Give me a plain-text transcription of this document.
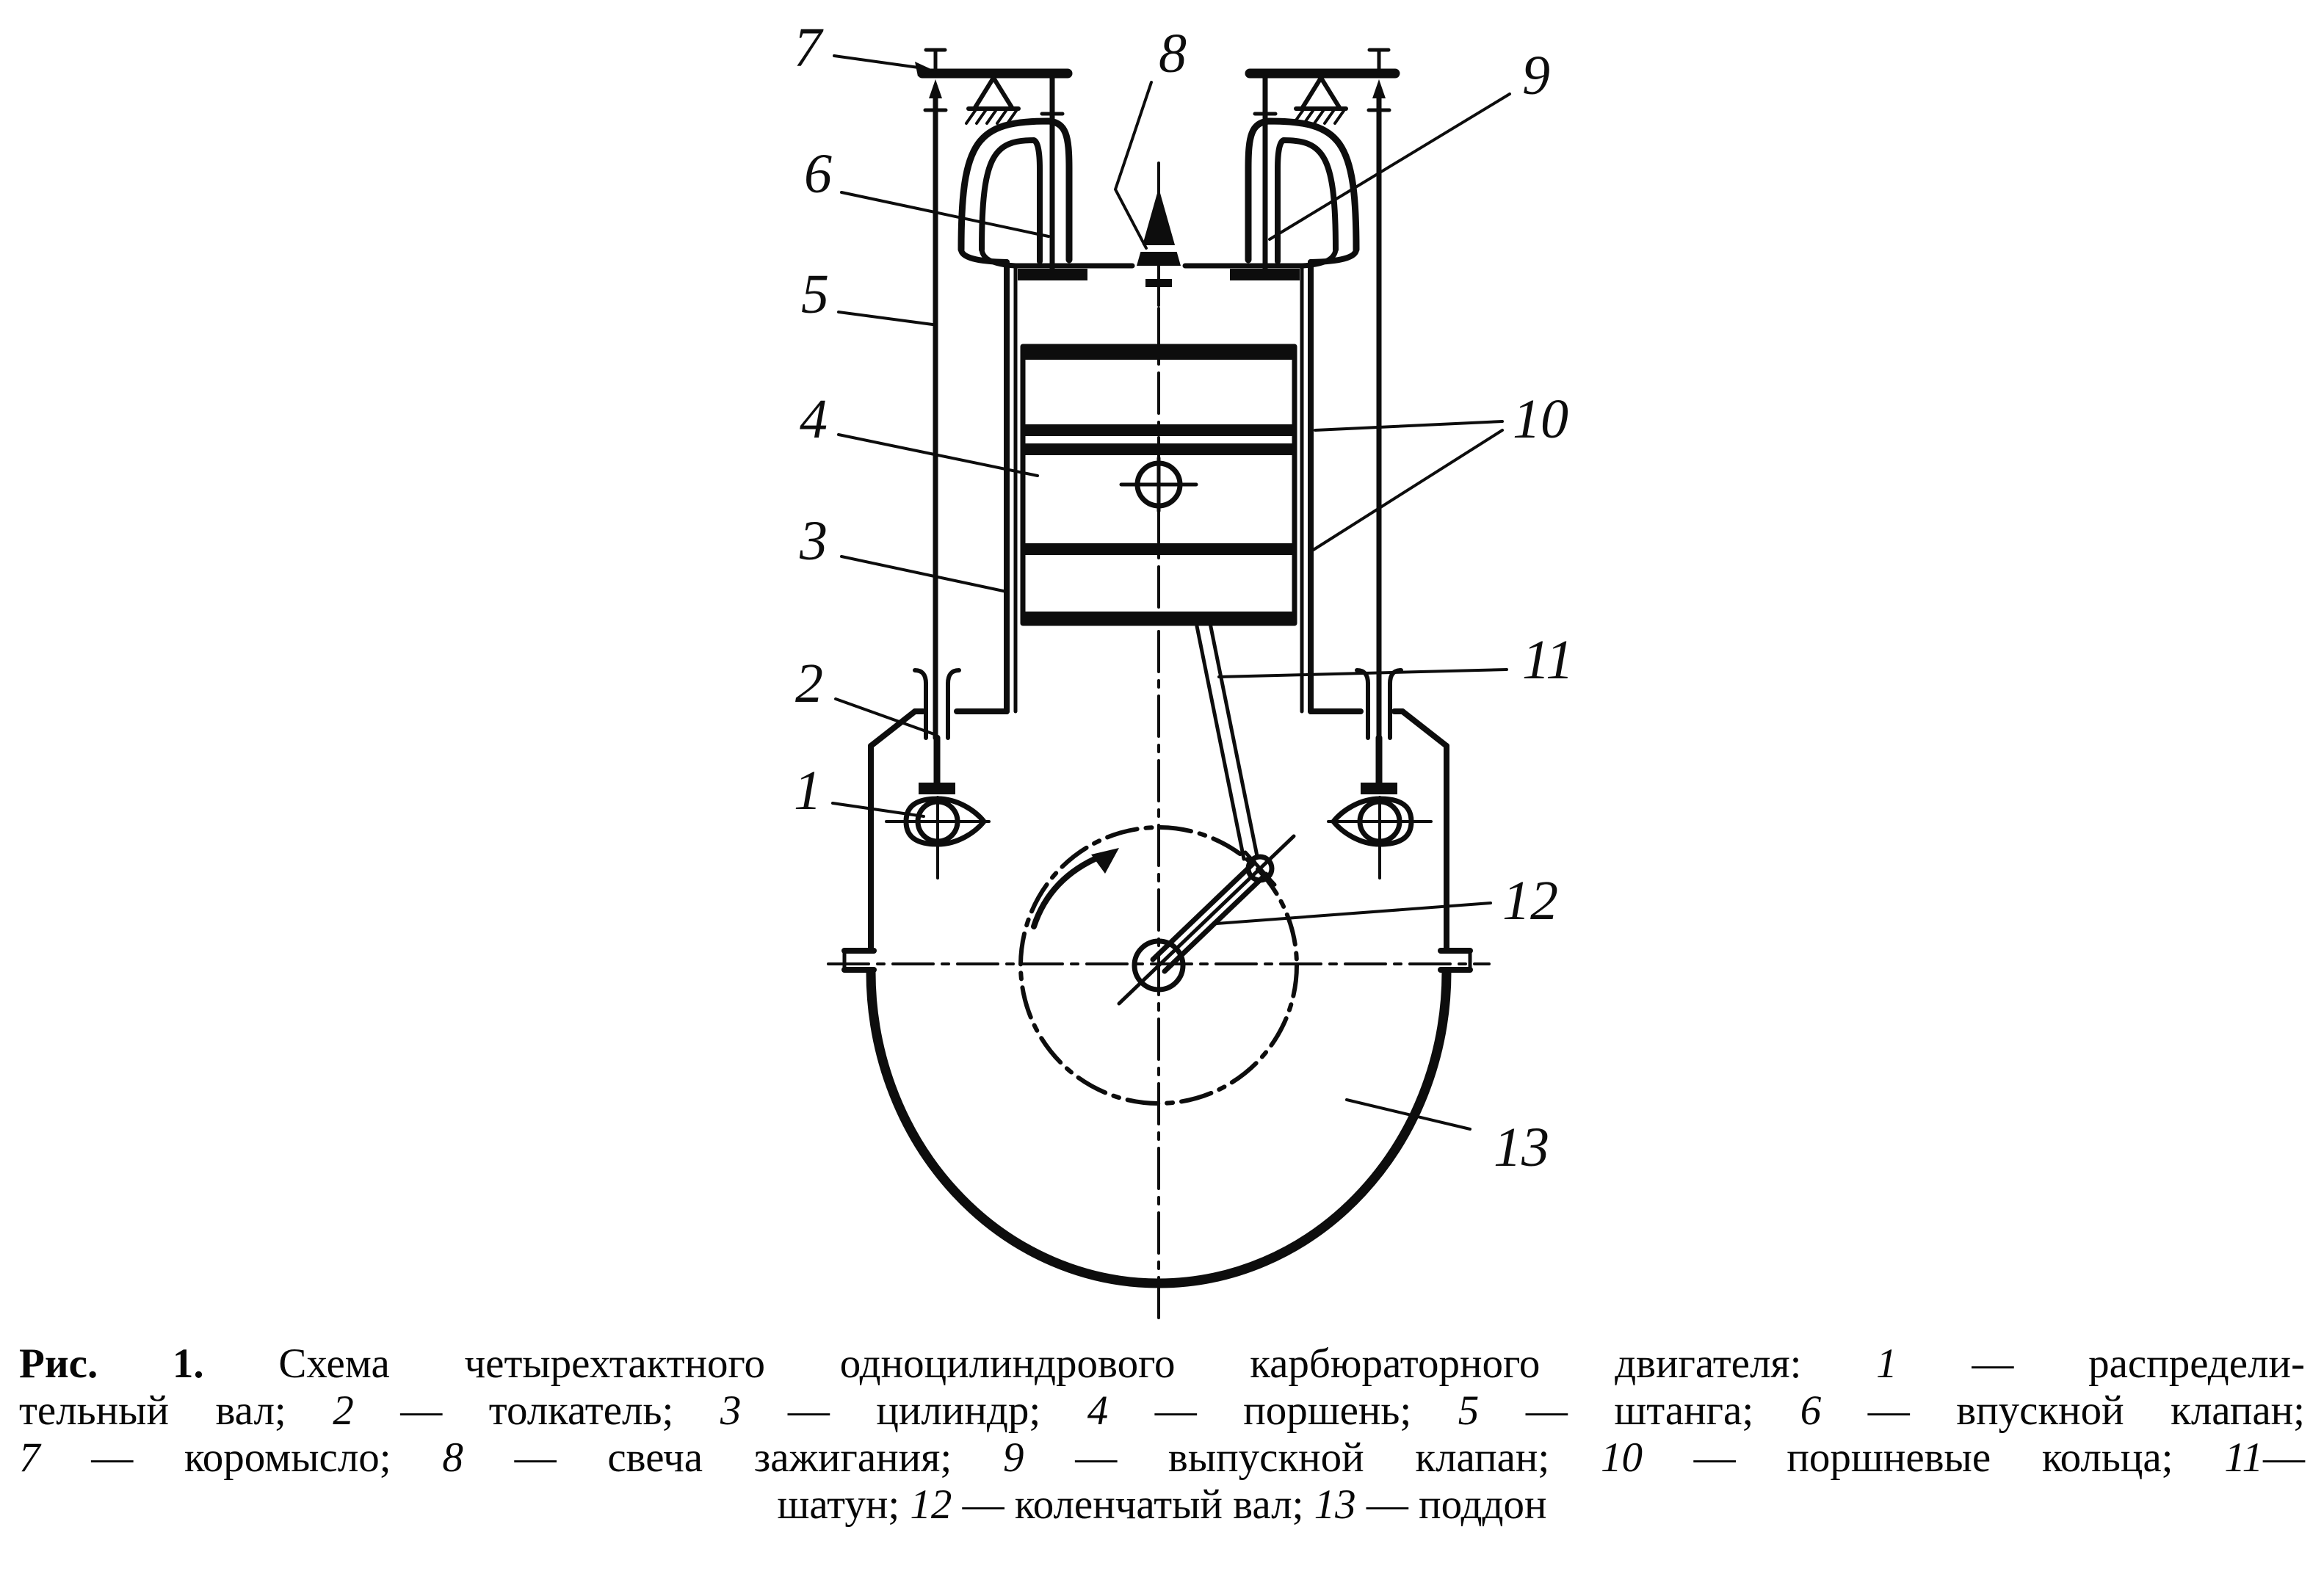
7	8	9
6
5
4	10
3
11
2
1
12
13
Рис. 1. Схема четырехтактного одноцилиндрового карбюраторного двигателя: 1 — распредели-
тельный вал; 2 — толкатель; 3 — цилиндр; 4 — поршень; 5 — штанга; 6 — впускной клапан;
7 — коромысло; 8 — свеча зажигания; 9 — выпускной клапан; 10 — поршневые кольца; 11—
шатун; 12 — коленчатый вал; 13 — поддон
